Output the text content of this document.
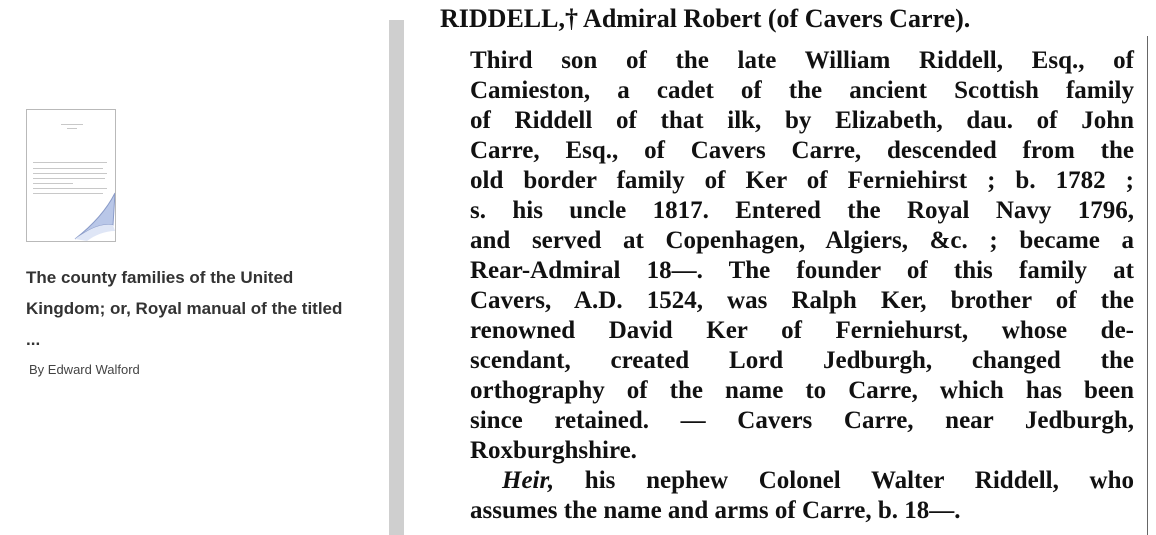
The county families of the United Kingdom; or, Royal manual of the titled ...
By Edward Walford
RIDDELL,† Admiral Robert (of Cavers Carre).
Third son of the late William Riddell, Esq., of
Camieston, a cadet of the ancient Scottish family
of Riddell of that ilk, by Elizabeth, dau. of John
Carre, Esq., of Cavers Carre, descended from the
old border family of Ker of Ferniehirst ; b. 1782 ;
s. his uncle 1817. Entered the Royal Navy 1796,
and served at Copenhagen, Algiers, &c. ; became a
Rear-Admiral 18—. The founder of this family at
Cavers, A.D. 1524, was Ralph Ker, brother of the
renowned David Ker of Ferniehurst, whose de-
scendant, created Lord Jedburgh, changed the
orthography of the name to Carre, which has been
since retained. — Cavers Carre, near Jedburgh,
Roxburghshire.
Heir, his nephew Colonel Walter Riddell, who
assumes the name and arms of Carre, b. 18—.
